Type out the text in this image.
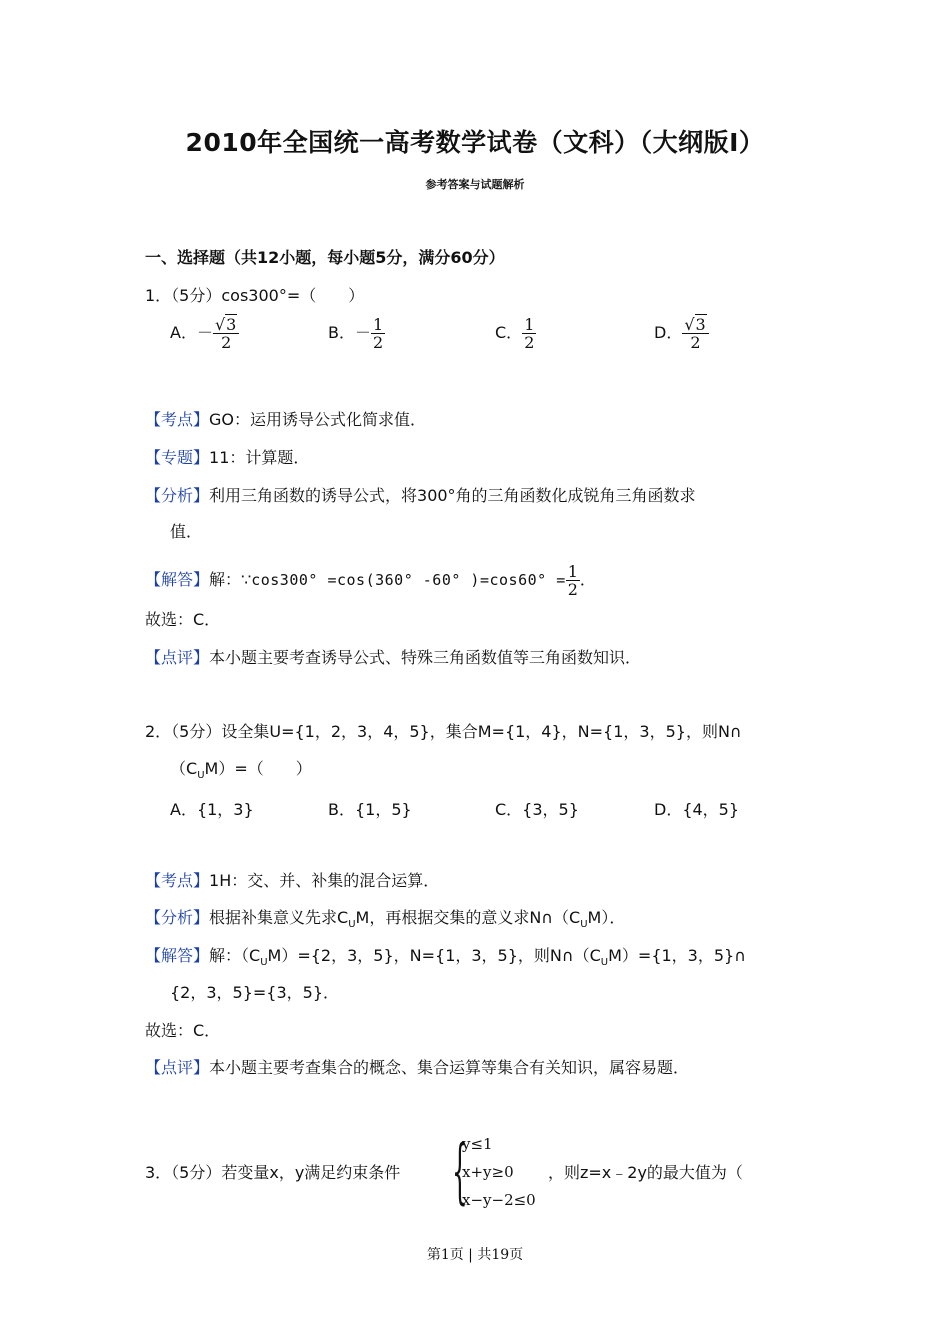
2010年全国统一高考数学试卷（文科）（大纲版Ⅰ）
参考答案与试题解析
一、选择题（共12小题，每小题5分，满分60分）
1．（5分）cos300°=（　　）
A．－ $\frac{√3}{2}$	B．－ $\frac{1}{2}$	C． $\frac{1}{2}$	D． $\frac{√3}{2}$
【考点】GO：运用诱导公式化简求值．
【专题】11：计算题．
【分析】利用三角函数的诱导公式，将300°角的三角函数化成锐角三角函数求
值．
【解答】解：∵cos300° =cos(360° -60° )$=\cos 60^\circ = \frac{1}{2}$ ．
故选：C．
【点评】本小题主要考查诱导公式、特殊三角函数值等三角函数知识．
2．（5分）设全集U={1，2，3，4，5}，集合M={1，4}，N={1，3，5}，则N∩
$(C_UM)=$（　　）
A．{1，3}	B．{1，5}	C．{3，5}	D．{4，5}
【考点】1H：交、并、补集的混合运算．
【分析】根据补集意义先求$C_UM$，再根据交集的意义求$N\cap(C_UM)$．
【解答】解：$(C_UM)=\{2$，3，5}，N={1，3，5}，则$N\cap(C_UM)=\{1$，3，5}∩
{2，3，5}={3，5}．
故选：C．
【点评】本小题主要考查集合的概念、集合运算等集合有关知识，属容易题．
3．（5分）若变量x，y满足约束条件 {
y≤1
x+y≥0
x−y−2≤0
，则z=x﹣2y的最大值为（
第1页 | 共19页
